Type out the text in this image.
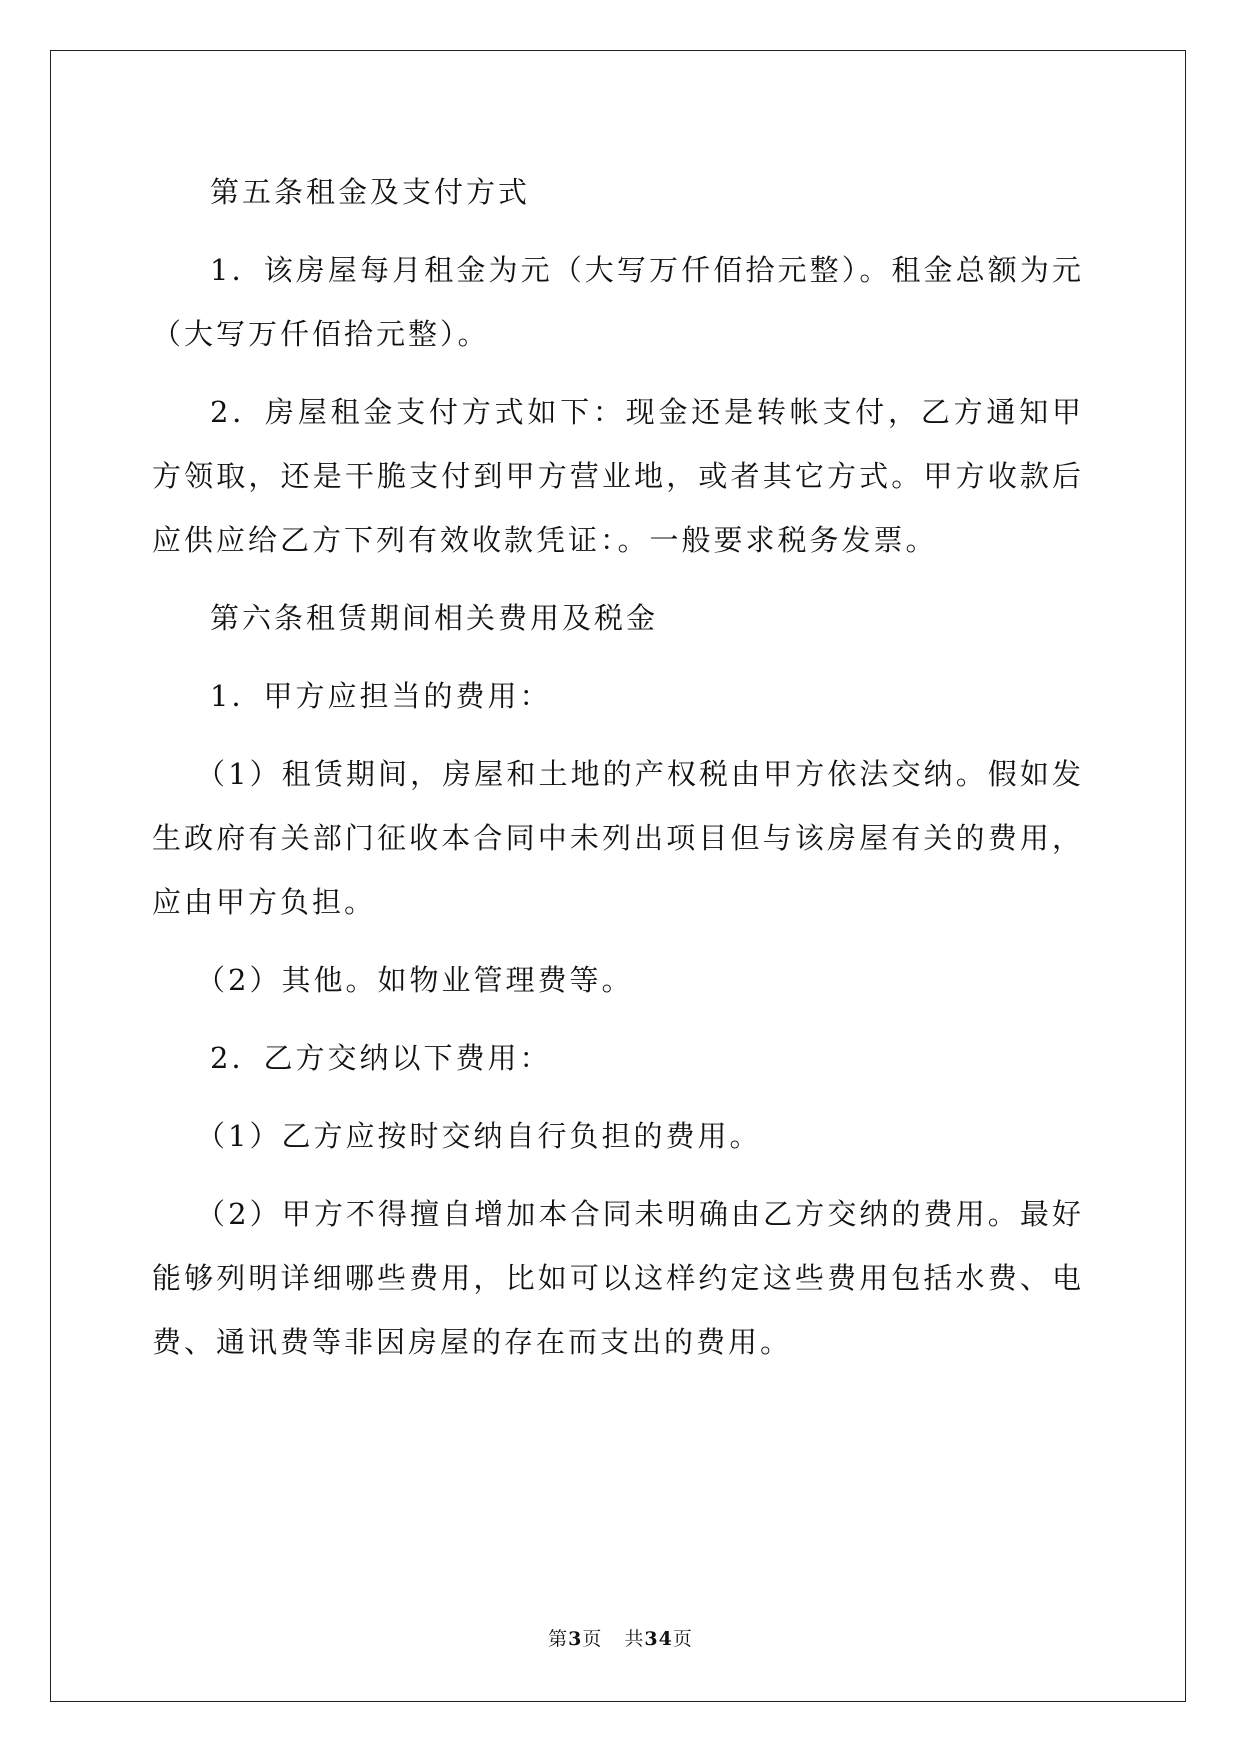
第五条租金及支付方式

1．该房屋每月租金为元（大写万仟佰拾元整）。租金总额为元（大写万仟佰拾元整）。

2．房屋租金支付方式如下：现金还是转帐支付，乙方通知甲方领取，还是干脆支付到甲方营业地，或者其它方式。甲方收款后应供应给乙方下列有效收款凭证：。一般要求税务发票。

第六条租赁期间相关费用及税金

1．甲方应担当的费用：

（1）租赁期间，房屋和土地的产权税由甲方依法交纳。假如发生政府有关部门征收本合同中未列出项目但与该房屋有关的费用，应由甲方负担。

（2）其他。如物业管理费等。

2．乙方交纳以下费用：

（1）乙方应按时交纳自行负担的费用。

（2）甲方不得擅自增加本合同未明确由乙方交纳的费用。最好能够列明详细哪些费用，比如可以这样约定这些费用包括水费、电费、通讯费等非因房屋的存在而支出的费用。

第3页 共34页
